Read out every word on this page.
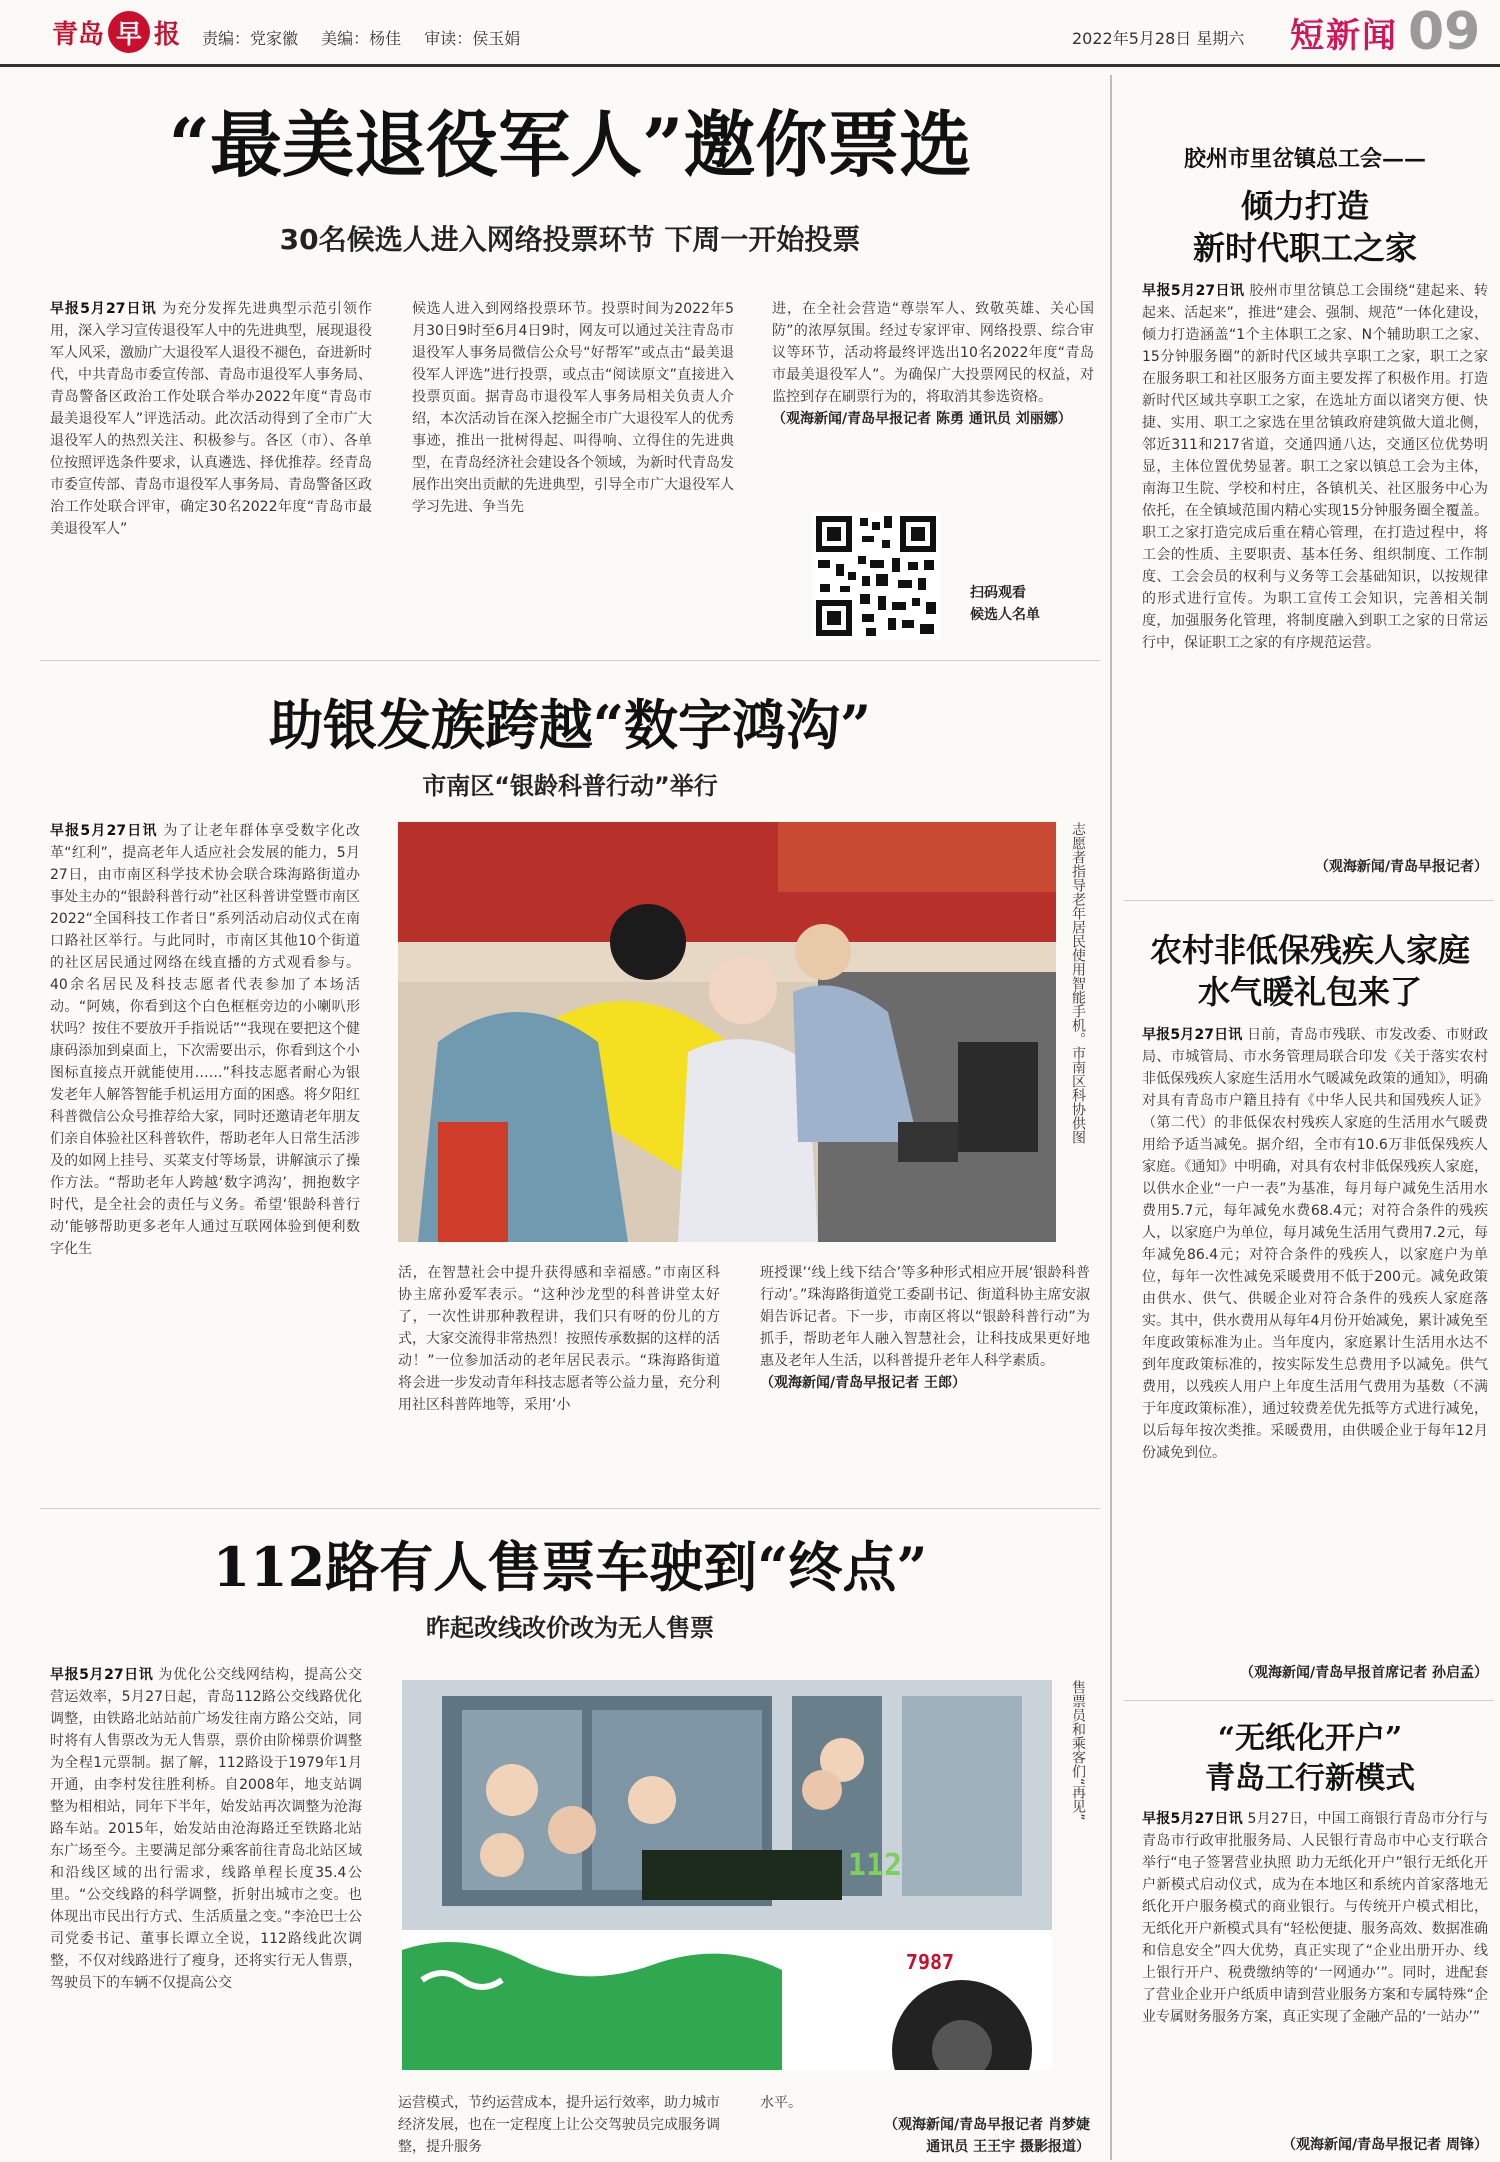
青岛 早 报 责编：党家徽 美编：杨佳 审读：侯玉娟	2022年5月28日 星期六 短新闻 09
“最美退役军人”邀你票选
30名候选人进入网络投票环节 下周一开始投票
早报5月27日讯 为充分发挥先进典型示范引领作用，深入学习宣传退役军人中的先进典型，展现退役军人风采，激励广大退役军人退役不褪色，奋进新时代，中共青岛市委宣传部、青岛市退役军人事务局、青岛警备区政治工作处联合举办2022年度“青岛市最美退役军人”评选活动。此次活动得到了全市广大退役军人的热烈关注、积极参与。各区（市）、各单位按照评选条件要求，认真遴选、择优推荐。经青岛市委宣传部、青岛市退役军人事务局、青岛警备区政治工作处联合评审，确定30名2022年度“青岛市最美退役军人”
候选人进入到网络投票环节。投票时间为2022年5月30日9时至6月4日9时，网友可以通过关注青岛市退役军人事务局微信公众号“好帮军”或点击“最美退役军人评选”进行投票，或点击“阅读原文”直接进入投票页面。据青岛市退役军人事务局相关负责人介绍，本次活动旨在深入挖掘全市广大退役军人的优秀事迹，推出一批树得起、叫得响、立得住的先进典型，在青岛经济社会建设各个领域，为新时代青岛发展作出突出贡献的先进典型，引导全市广大退役军人学习先进、争当先
进，在全社会营造“尊崇军人、致敬英雄、关心国防”的浓厚氛围。经过专家评审、网络投票、综合审议等环节，活动将最终评选出10名2022年度“青岛市最美退役军人”。为确保广大投票网民的权益，对监控到存在刷票行为的，将取消其参选资格。
（观海新闻/青岛早报记者 陈勇 通讯员 刘丽娜）
扫码观看
候选人名单
助银发族跨越“数字鸿沟”
市南区“银龄科普行动”举行
早报5月27日讯 为了让老年群体享受数字化改革“红利”，提高老年人适应社会发展的能力，5月27日，由市南区科学技术协会联合珠海路街道办事处主办的“银龄科普行动”社区科普讲堂暨市南区2022“全国科技工作者日”系列活动启动仪式在南口路社区举行。与此同时，市南区其他10个街道的社区居民通过网络在线直播的方式观看参与。40余名居民及科技志愿者代表参加了本场活动。“阿姨，你看到这个白色框框旁边的小喇叭形状吗？按住不要放开手指说话”“我现在要把这个健康码添加到桌面上，下次需要出示，你看到这个小图标直接点开就能使用……”科技志愿者耐心为银发老年人解答智能手机运用方面的困惑。将夕阳红科普微信公众号推荐给大家，同时还邀请老年朋友们亲自体验社区科普软件，帮助老年人日常生活涉及的如网上挂号、买菜支付等场景，讲解演示了操作方法。“帮助老年人跨越‘数字鸿沟’，拥抱数字时代，是全社会的责任与义务。希望‘银龄科普行动’能够帮助更多老年人通过互联网体验到便利数字化生
志愿者指导老年居民使用智能手机。市南区科协供图
活，在智慧社会中提升获得感和幸福感。”市南区科协主席孙爱军表示。“这种沙龙型的科普讲堂太好了，一次性讲那种教程讲，我们只有呀的份儿的方式，大家交流得非常热烈！按照传承数据的这样的活动！”一位参加活动的老年居民表示。“珠海路街道将会进一步发动青年科技志愿者等公益力量，充分利用社区科普阵地等，采用‘小
班授课’‘线上线下结合’等多种形式相应开展‘银龄科普行动’。”珠海路街道党工委副书记、街道科协主席安淑娟告诉记者。下一步，市南区将以“银龄科普行动”为抓手，帮助老年人融入智慧社会，让科技成果更好地惠及老年人生活，以科普提升老年人科学素质。
（观海新闻/青岛早报记者 王郎）
112路有人售票车驶到“终点”
昨起改线改价改为无人售票
早报5月27日讯 为优化公交线网结构，提高公交营运效率，5月27日起，青岛112路公交线路优化调整，由铁路北站站前广场发往南方路公交站，同时将有人售票改为无人售票，票价由阶梯票价调整为全程1元票制。据了解，112路设于1979年1月开通，由李村发往胜利桥。自2008年，地支站调整为相相站，同年下半年，始发站再次调整为沧海路车站。2015年，始发站由沧海路迁至铁路北站东广场至今。主要满足部分乘客前往青岛北站区域和沿线区域的出行需求，线路单程长度35.4公里。“公交线路的科学调整，折射出城市之变。也体现出市民出行方式、生活质量之变。”李沧巴士公司党委书记、董事长谭立全说，112路线此次调整，不仅对线路进行了瘦身，还将实行无人售票，驾驶员下的车辆不仅提高公交
112
7987
售票员和乘客们“再见”
运营模式，节约运营成本，提升运行效率，助力城市经济发展，也在一定程度上让公交驾驶员完成服务调整，提升服务
水平。
（观海新闻/青岛早报记者 肖梦婕
通讯员 王王宇 摄影报道）
胶州市里岔镇总工会——
倾力打造
新时代职工之家
早报5月27日讯 胶州市里岔镇总工会围绕“建起来、转起来、活起来”，推进“建会、强制、规范”一体化建设，倾力打造涵盖“1个主体职工之家、N个辅助职工之家、15分钟服务圈”的新时代区域共享职工之家，职工之家在服务职工和社区服务方面主要发挥了积极作用。打造新时代区域共享职工之家，在选址方面以诸突方便、快捷、实用、职工之家选在里岔镇政府建筑做大道北侧，邻近311和217省道，交通四通八达，交通区位优势明显，主体位置优势显著。职工之家以镇总工会为主体，南海卫生院、学校和村庄，各镇机关、社区服务中心为依托，在全镇域范围内精心实现15分钟服务圈全覆盖。职工之家打造完成后重在精心管理，在打造过程中，将工会的性质、主要职责、基本任务、组织制度、工作制度、工会会员的权利与义务等工会基础知识，以按规律的形式进行宣传。为职工宣传工会知识，完善相关制度，加强服务化管理，将制度融入到职工之家的日常运行中，保证职工之家的有序规范运营。
（观海新闻/青岛早报记者）
农村非低保残疾人家庭
水气暖礼包来了
早报5月27日讯 日前，青岛市残联、市发改委、市财政局、市城管局、市水务管理局联合印发《关于落实农村非低保残疾人家庭生活用水气暖减免政策的通知》，明确对具有青岛市户籍且持有《中华人民共和国残疾人证》（第二代）的非低保农村残疾人家庭的生活用水气暖费用给予适当减免。据介绍，全市有10.6万非低保残疾人家庭。《通知》中明确，对具有农村非低保残疾人家庭，以供水企业“一户一表”为基准，每月每户减免生活用水费用5.7元，每年减免水费68.4元；对符合条件的残疾人，以家庭户为单位，每月减免生活用气费用7.2元，每年减免86.4元；对符合条件的残疾人，以家庭户为单位，每年一次性减免采暖费用不低于200元。减免政策由供水、供气、供暖企业对符合条件的残疾人家庭落实。其中，供水费用从每年4月份开始减免，累计减免至年度政策标准为止。当年度内，家庭累计生活用水达不到年度政策标准的，按实际发生总费用予以减免。供气费用，以残疾人用户上年度生活用气费用为基数（不满于年度政策标准），通过较费差优先抵等方式进行减免，以后每年按次类推。采暖费用，由供暖企业于每年12月份减免到位。
（观海新闻/青岛早报首席记者 孙启孟）
“无纸化开户”
青岛工行新模式
早报5月27日讯 5月27日，中国工商银行青岛市分行与青岛市行政审批服务局、人民银行青岛市中心支行联合举行“电子签署营业执照 助力无纸化开户”银行无纸化开户新模式启动仪式，成为在本地区和系统内首家落地无纸化开户服务模式的商业银行。与传统开户模式相比，无纸化开户新模式具有“轻松便捷、服务高效、数据准确和信息安全”四大优势，真正实现了“企业出册开办、线上银行开户、税费缴纳等的‘一网通办’”。同时，进配套了营业企业开户纸质申请到营业服务方案和专属特殊“企业专属财务服务方案，真正实现了金融产品的‘一站办’”
（观海新闻/青岛早报记者 周锋）
